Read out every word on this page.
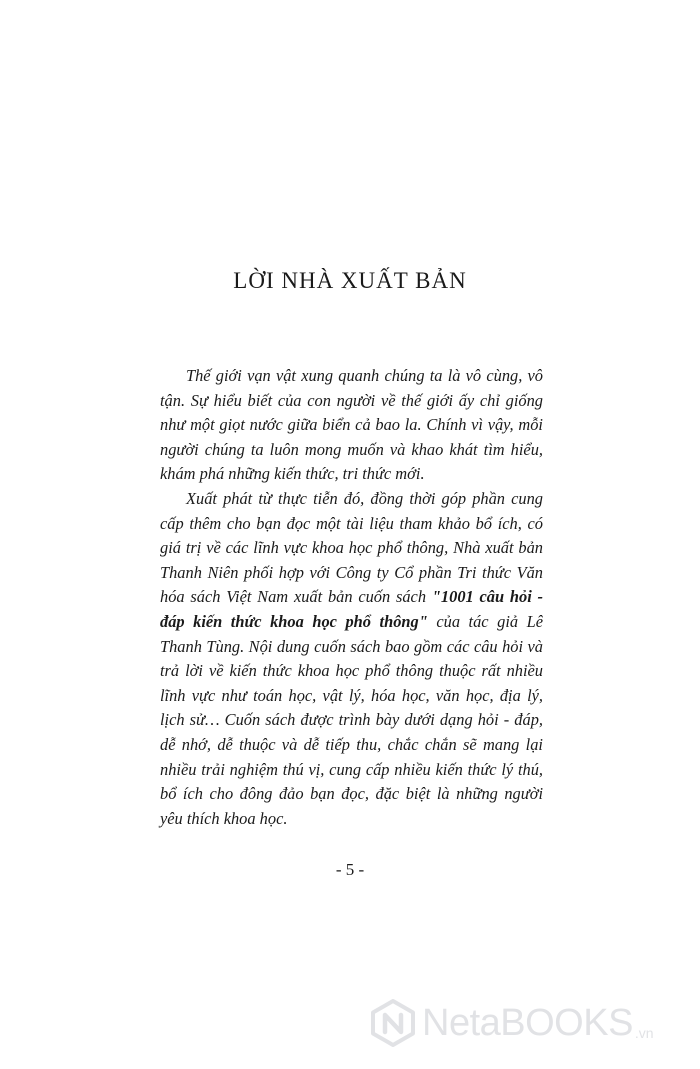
LỜI NHÀ XUẤT BẢN

Thế giới vạn vật xung quanh chúng ta là vô cùng, vô tận. Sự hiểu biết của con người về thế giới ấy chỉ giống như một giọt nước giữa biển cả bao la. Chính vì vậy, mỗi người chúng ta luôn mong muốn và khao khát tìm hiểu, khám phá những kiến thức, tri thức mới.

Xuất phát từ thực tiễn đó, đồng thời góp phần cung cấp thêm cho bạn đọc một tài liệu tham khảo bổ ích, có giá trị về các lĩnh vực khoa học phổ thông, Nhà xuất bản Thanh Niên phối hợp với Công ty Cổ phần Tri thức Văn hóa sách Việt Nam xuất bản cuốn sách "1001 câu hỏi - đáp kiến thức khoa học phổ thông" của tác giả Lê Thanh Tùng. Nội dung cuốn sách bao gồm các câu hỏi và trả lời về kiến thức khoa học phổ thông thuộc rất nhiều lĩnh vực như toán học, vật lý, hóa học, văn học, địa lý, lịch sử… Cuốn sách được trình bày dưới dạng hỏi - đáp, dễ nhớ, dễ thuộc và dễ tiếp thu, chắc chắn sẽ mang lại nhiều trải nghiệm thú vị, cung cấp nhiều kiến thức lý thú, bổ ích cho đông đảo bạn đọc, đặc biệt là những người yêu thích khoa học.

- 5 -
NetaBOOKS .vn
